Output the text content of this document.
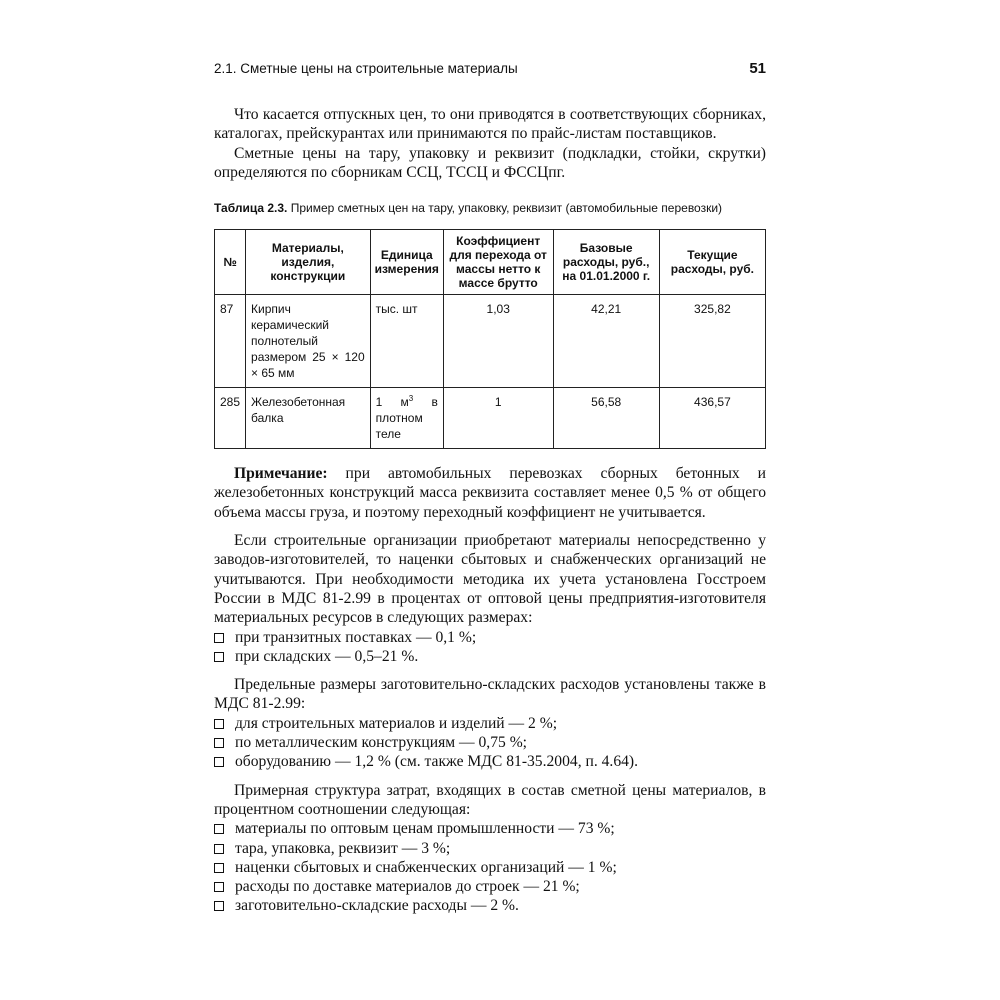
2.1. Сметные цены на строительные материалы	51

Что касается отпускных цен, то они приводятся в соответствующих сборниках, каталогах, прейскурантах или принимаются по прайс-листам поставщиков.

Сметные цены на тару, упаковку и реквизит (подкладки, стойки, скрутки) определяются по сборникам ССЦ, ТССЦ и ФССЦпг.

Таблица 2.3. Пример сметных цен на тару, упаковку, реквизит (автомобильные перевозки)
№	Материалы, изделия, конструкции	Единица измерения	Коэффициент для перехода от массы нетто к массе брутто	Базовые расходы, руб., на 01.01.2000 г.	Текущие расходы, руб.
87	Кирпич керамический полнотелый размером 25 × 120 × 65 мм	тыс. шт	1,03	42,21	325,82
285	Железобетонная балка	1 $м^3$ в плотном теле	1	56,58	436,57

Примечание: при автомобильных перевозках сборных бетонных и железобетонных конструкций масса реквизита составляет менее 0,5 % от общего объема массы груза, и поэтому переходный коэффициент не учитывается.

Если строительные организации приобретают материалы непосредственно у заводов-изготовителей, то наценки сбытовых и снабженческих организаций не учитываются. При необходимости методика их учета установлена Госстроем России в МДС 81-2.99 в процентах от оптовой цены предприятия-изготовителя материальных ресурсов в следующих размерах:

при транзитных поставках — 0,1 %;
при складских — 0,5–21 %.

Предельные размеры заготовительно-складских расходов установлены также в МДС 81-2.99:

для строительных материалов и изделий — 2 %;
по металлическим конструкциям — 0,75 %;
оборудованию — 1,2 % (см. также МДС 81-35.2004, п. 4.64).

Примерная структура затрат, входящих в состав сметной цены материалов, в процентном соотношении следующая:

материалы по оптовым ценам промышленности — 73 %;
тара, упаковка, реквизит — 3 %;
наценки сбытовых и снабженческих организаций — 1 %;
расходы по доставке материалов до строек — 21 %;
заготовительно-складские расходы — 2 %.
